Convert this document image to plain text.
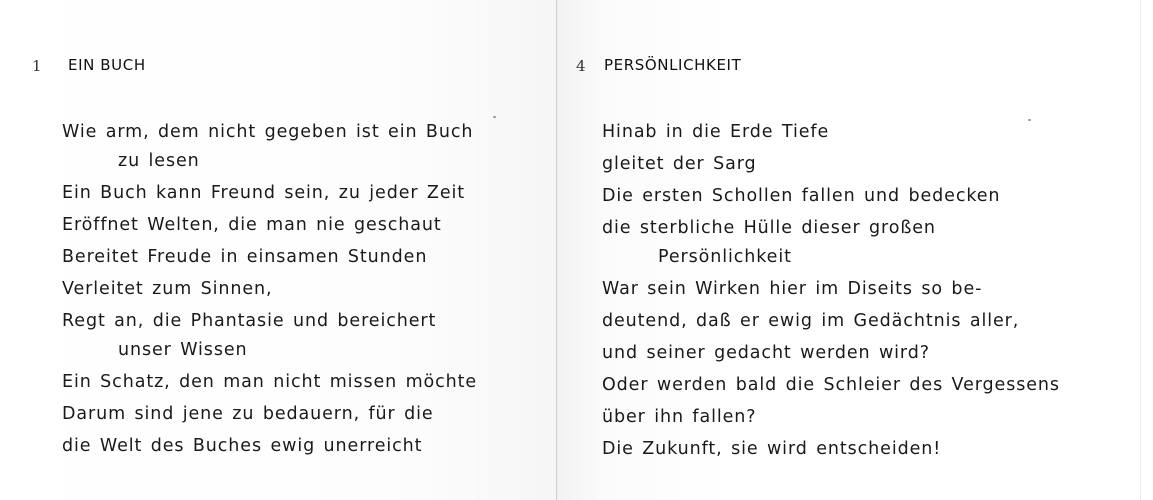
1 EIN BUCH
Wie arm, dem nicht gegeben ist ein Buch
zu lesen
Ein Buch kann Freund sein, zu jeder Zeit
Eröffnet Welten, die man nie geschaut
Bereitet Freude in einsamen Stunden
Verleitet zum Sinnen,
Regt an, die Phantasie und bereichert
unser Wissen
Ein Schatz, den man nicht missen möchte
Darum sind jene zu bedauern, für die
die Welt des Buches ewig unerreicht
4 PERSÖNLICHKEIT
Hinab in die Erde Tiefe
gleitet der Sarg
Die ersten Schollen fallen und bedecken
die sterbliche Hülle dieser großen
Persönlichkeit
War sein Wirken hier im Diseits so be-
deutend, daß er ewig im Gedächtnis aller,
und seiner gedacht werden wird?
Oder werden bald die Schleier des Vergessens
über ihn fallen?
Die Zukunft, sie wird entscheiden!
